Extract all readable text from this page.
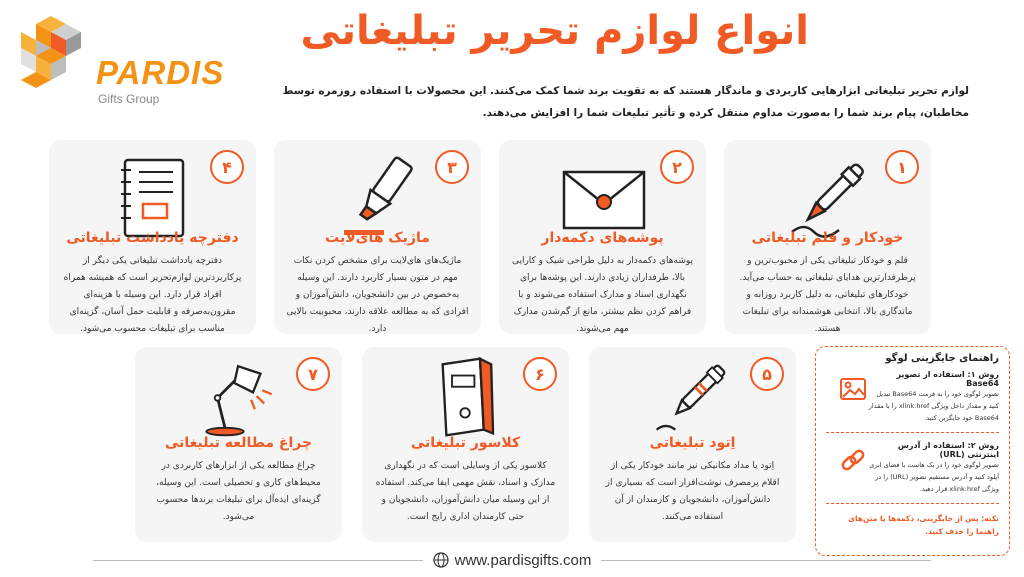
PARDIS
Gifts Group
انواع لوازم تحریر تبلیغاتی
لوازم تحریر تبلیغاتی ابزارهایی کاربردی و ماندگار هستند که به تقویت برند شما کمک می‌کنند. این محصولات با استفاده روزمره توسط مخاطبان، پیام برند شما را به‌صورت مداوم منتقل کرده و تأثیر تبلیغات شما را افزایش می‌دهند.
۱
خودکار و قلم تبلیغاتی
قلم و خودکار تبلیغاتی یکی از محبوب‌ترین و پرطرفدارترین هدایای تبلیغاتی به حساب می‌آید. خودکارهای تبلیغاتی، به دلیل کاربرد روزانه و ماندگاری بالا، انتخابی هوشمندانه برای تبلیغات هستند.
۲
پوشه‌های دکمه‌دار
پوشه‌های دکمه‌دار به دلیل طراحی شیک و کارایی بالا، طرفداران زیادی دارند. این پوشه‌ها برای نگهداری اسناد و مدارک استفاده می‌شوند و با فراهم کردن نظم بیشتر، مانع از گم‌شدن مدارک مهم می‌شوند.
۳
ماژیک های‌لایت
ماژیک‌های های‌لایت برای مشخص کردن نکات مهم در متون بسیار کاربرد دارند. این وسیله به‌خصوص در بین دانشجویان، دانش‌آموزان و افرادی که به مطالعه علاقه دارند، محبوبیت بالایی دارد.
۴
دفترچه یادداشت تبلیغاتی
دفترچه یادداشت تبلیغاتی یکی دیگر از پرکاربردترین لوازم‌تحریر است که همیشه همراه افراد قرار دارد. این وسیله با هزینه‌ای مقرون‌به‌صرفه و قابلیت حمل آسان، گزینه‌ای مناسب برای تبلیغات محسوب می‌شود.
۵
اِتود تبلیغاتی
اِتود یا مداد مکانیکی نیز مانند خودکار یکی از اقلام پرمصرف نوشت‌افزار است که بسیاری از دانش‌آموزان، دانشجویان و کارمندان از آن استفاده می‌کنند.
۶
کلاسور تبلیغاتی
کلاسور یکی از وسایلی است که در نگهداری مدارک و اسناد، نقش مهمی ایفا می‌کند. استفاده از این وسیله میان دانش‌آموزان، دانشجویان و حتی کارمندان اداری رایج است.
۷
چراغ مطالعه تبلیغاتی
چراغ مطالعه یکی از ابزارهای کاربردی در محیط‌های کاری و تحصیلی است. این وسیله، گزینه‌ای ایده‌آل برای تبلیغات برندها محسوب می‌شود.
راهنمای جایگزینی لوگو
روش ۱: استفاده از تصویر Base64
تصویر لوگوی خود را به فرمت Base64 تبدیل کنید و مقدار داخل ویژگی xlink:href را با مقدار Base64 خود جایگزین کنید.
روش ۲: استفاده از آدرس اینترنتی (URL)
تصویر لوگوی خود را در یک هاست یا فضای ابری آپلود کنید و آدرس مستقیم تصویر (URL) را در ویژگی xlink:href قرار دهید.
نکته: پس از جایگزینی، دکمه‌ها یا متن‌های راهنما را حذف کنید.
www.pardisgifts.com
